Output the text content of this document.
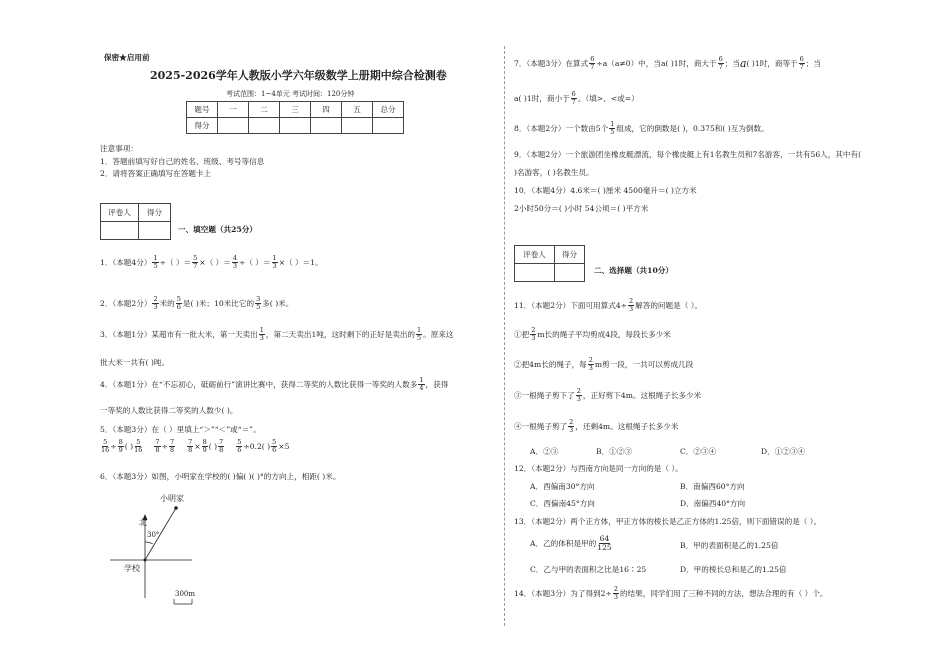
保密★启用前
2025-2026学年人教版小学六年级数学上册期中综合检测卷
考试范围：1~4单元 考试时间：120分钟
题号	一	二	三	四	五	总分
得分						
注意事项：
1．答题前填写好自己的姓名、班级、考号等信息
2．请将答案正确填写在答题卡上
评卷人	得分

一、填空题（共25分）
1．（本题4分） $\frac{1}{5}$ ÷（ ）＝ $\frac{5}{7}$ ×（ ）＝ $\frac{4}{3}$ ÷（ ）＝ $\frac{1}{3}$ ×（ ）＝1。
2．（本题2分） $\frac{2}{3}$ 米的 $\frac{5}{6}$ 是( )米；10米比它的 $\frac{3}{5}$ 多( )米。
3．（本题1分）某超市有一批大米，第一天卖出 $\frac{1}{3}$ ，第二天卖出1吨，这时剩下的正好是卖出的 $\frac{1}{5}$ 。原来这
批大米一共有( )吨。
4．（本题1分）在“不忘初心，砥砺前行”演讲比赛中，获得二等奖的人数比获得一等奖的人数多 $\frac{1}{4}$ ，获得
一等奖的人数比获得二等奖的人数少( )。
5．（本题3分）在（ ）里填上“＞”“＜”或“＝”。
$\frac{5}{16} \div \frac{8}{9}$ ( ) $\frac{5}{16} \frac{7}{8} \div \frac{7}{8} \frac{7}{8} \times \frac{8}{9}$ ( ) $\frac{7}{8} \frac{5}{6} \div 0.2$( ) $\frac{5}{6} \times 5$
6．（本题3分）如图，小明家在学校的( )偏( )( )°的方向上，相距( )米。
小明家
北
30°
学校
300m
7．（本题3分）在算式 $\frac{6}{7} \div a(a\ne 0)$中，当a( )1时，商大于 $\frac{6}{7}$ ；当 a ( )1时，商等于 $\frac{6}{7}$ ；当
a( )1时，商小于 $\frac{6}{7}$ 。（填>、<或=）
8．（本题2分）一个数由5个 $\frac{1}{5}$ 组成，它的倒数是( )，0.375和( )互为倒数。
9．（本题2分）一个旅游团坐橡皮艇漂流，每个橡皮艇上有1名教生员和7名游客，一共有56人，其中有(
)名游客，( )名教生员。
10．（本题4分）4.6米＝( )厘米 4500毫升＝( )立方米
2小时50分＝( )小时 54公顷＝( )平方米
评卷人	得分

二、选择题（共10分）
11．（本题2分）下面可用算式$4\div \frac{2}{3}$ 解答的问题是（ ）。
①把 $\frac{2}{3}$ m长的绳子平均剪成4段，每段长多少米
②把4m长的绳子，每 $\frac{2}{3}$ m剪一段，一共可以剪成几段
③一根绳子剪下了 $\frac{2}{3}$ ，正好剪下4m。这根绳子长多少米
④一根绳子剪了 $\frac{2}{3}$ ，还剩4m。这根绳子长多少米
A．②③	B．①②③	C．②③④	D．①②③④
12．（本题2分）与西南方向是同一方向的是（ ）。
A．西偏南30°方向	B．南偏西60°方向
C．西偏南45°方向	D．南偏西40°方向
13．（本题2分）两个正方体，甲正方体的棱长是乙正方体的1.25倍，则下面错误的是（ ）。
A．乙的体积是甲的 $\frac{64}{125}$	B．甲的表面积是乙的1.25倍
C．乙与甲的表面积之比是16∶25	D．甲的棱长总和是乙的1.25倍
14．（本题3分）为了得到$2\div \frac{2}{3}$ 的结果，同学们用了三种不同的方法，想法合理的有（ ）个。
